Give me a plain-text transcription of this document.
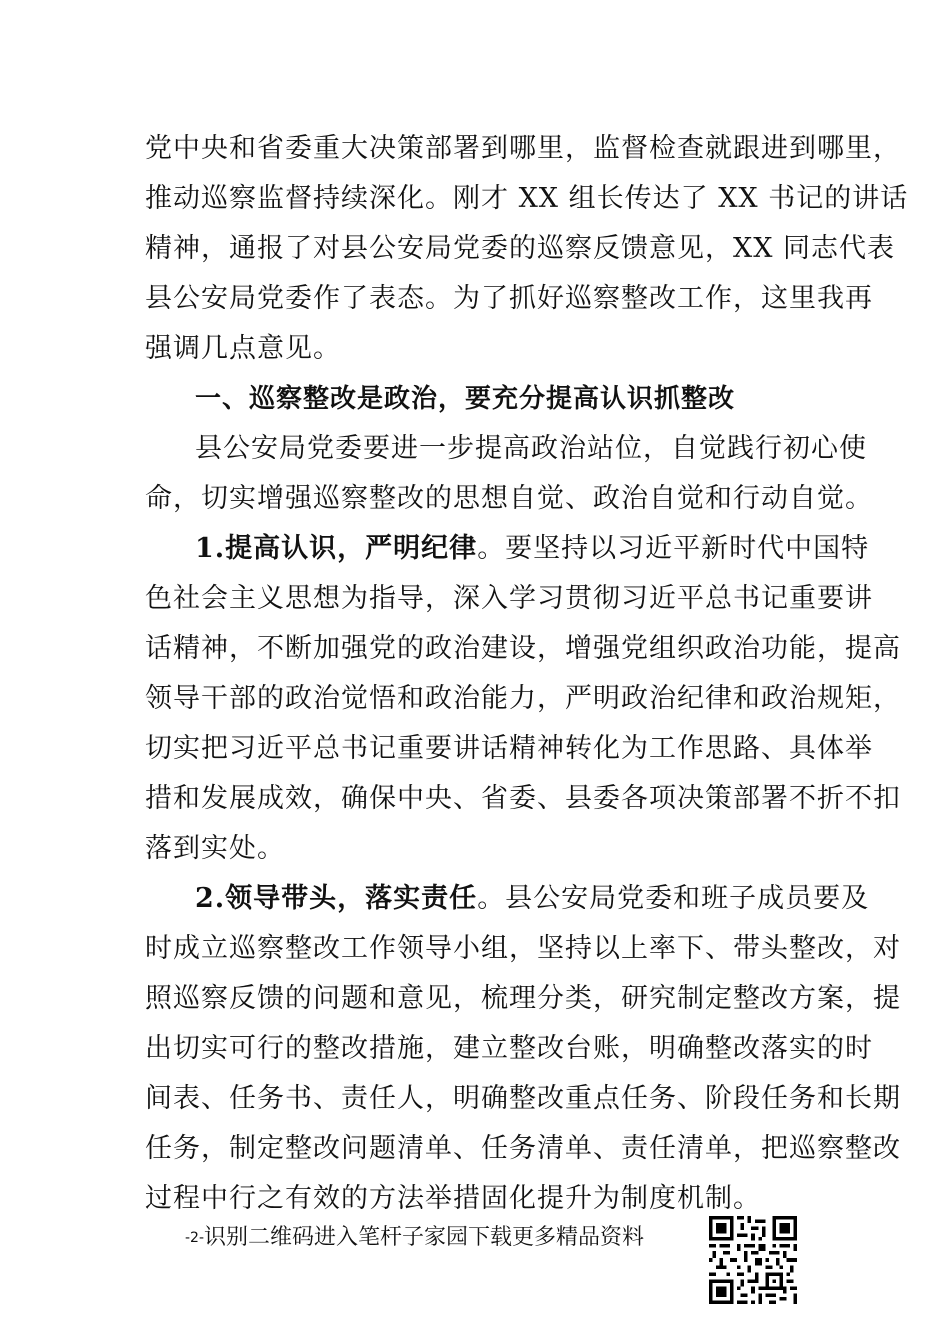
党中央和省委重大决策部署到哪里，监督检查就跟进到哪里，
推动巡察监督持续深化。刚才 XX 组长传达了 XX 书记的讲话
精神，通报了对县公安局党委的巡察反馈意见，XX 同志代表
县公安局党委作了表态。为了抓好巡察整改工作，这里我再
强调几点意见。
一、巡察整改是政治，要充分提高认识抓整改
县公安局党委要进一步提高政治站位，自觉践行初心使
命，切实增强巡察整改的思想自觉、政治自觉和行动自觉。
1.提高认识，严明纪律。要坚持以习近平新时代中国特
色社会主义思想为指导，深入学习贯彻习近平总书记重要讲
话精神，不断加强党的政治建设，增强党组织政治功能，提高
领导干部的政治觉悟和政治能力，严明政治纪律和政治规矩，
切实把习近平总书记重要讲话精神转化为工作思路、具体举
措和发展成效，确保中央、省委、县委各项决策部署不折不扣
落到实处。
2.领导带头，落实责任。县公安局党委和班子成员要及
时成立巡察整改工作领导小组，坚持以上率下、带头整改，对
照巡察反馈的问题和意见，梳理分类，研究制定整改方案，提
出切实可行的整改措施，建立整改台账，明确整改落实的时
间表、任务书、责任人，明确整改重点任务、阶段任务和长期
任务，制定整改问题清单、任务清单、责任清单，把巡察整改
过程中行之有效的方法举措固化提升为制度机制。
-2-识别二维码进入笔杆子家园下载更多精品资料
